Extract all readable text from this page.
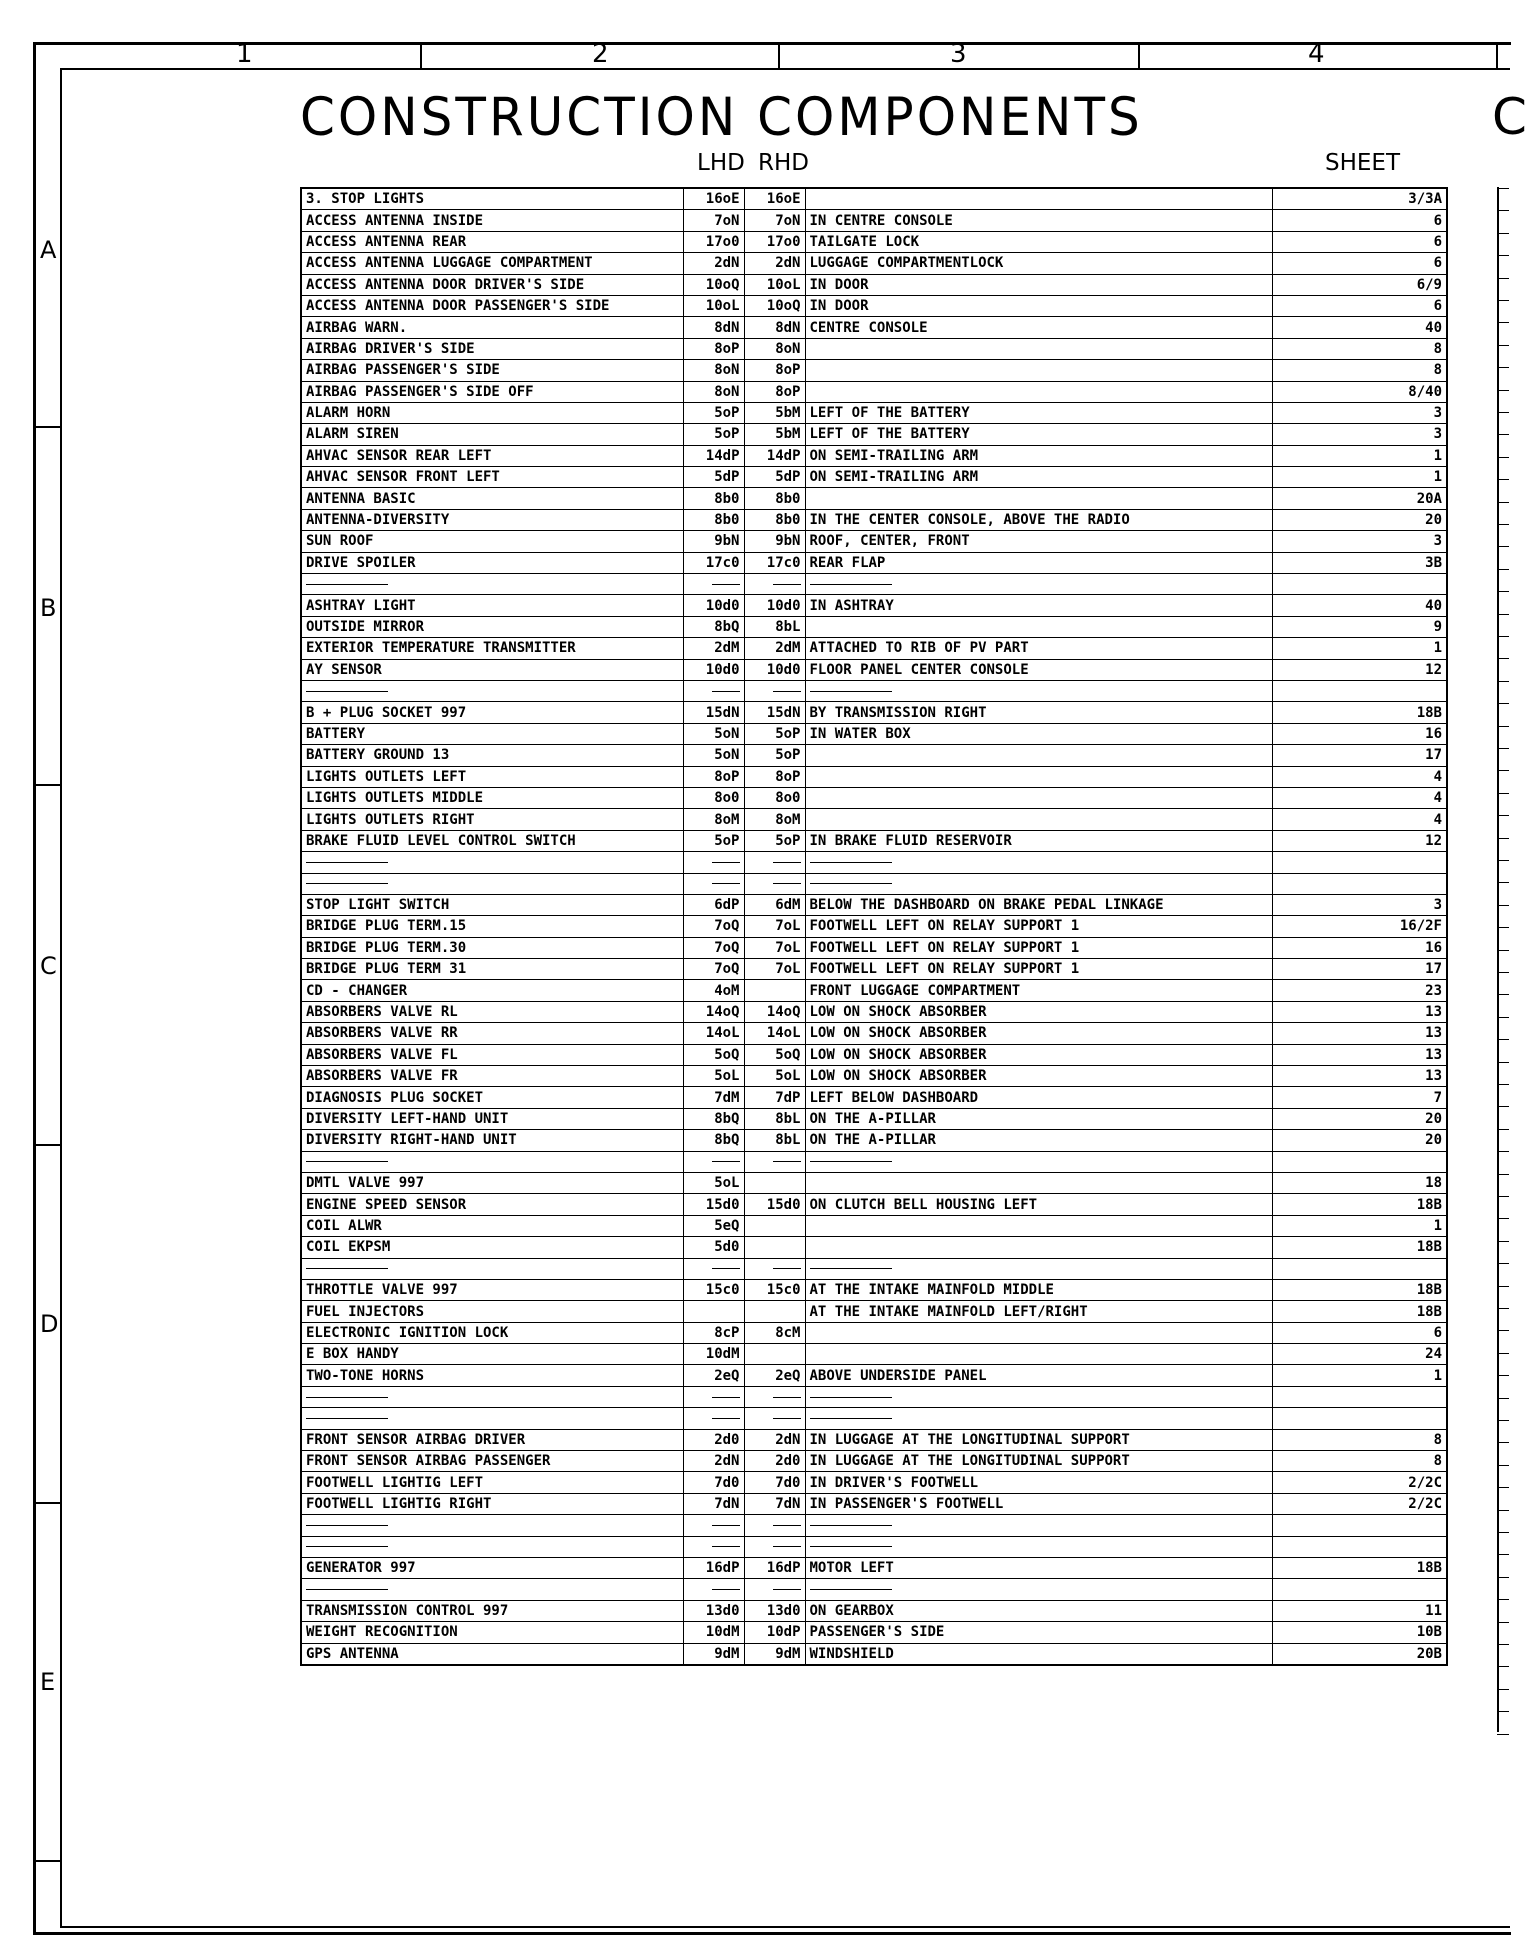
1	2	3	4
A
B
C
D
E
CONSTRUCTION COMPONENTS	C
LHD RHD	SHEET
3. STOP LIGHTS	16oE	16oE		3/3A
ACCESS ANTENNA INSIDE	7oN	7oN	IN CENTRE CONSOLE	6
ACCESS ANTENNA REAR	17o0	17o0	TAILGATE LOCK	6
ACCESS ANTENNA LUGGAGE COMPARTMENT	2dN	2dN	LUGGAGE COMPARTMENTLOCK	6
ACCESS ANTENNA DOOR DRIVER'S SIDE	10oQ	10oL	IN DOOR	6/9
ACCESS ANTENNA DOOR PASSENGER'S SIDE	10oL	10oQ	IN DOOR	6
AIRBAG WARN.	8dN	8dN	CENTRE CONSOLE	40
AIRBAG DRIVER'S SIDE	8oP	8oN		8
AIRBAG PASSENGER'S SIDE	8oN	8oP		8
AIRBAG PASSENGER'S SIDE OFF	8oN	8oP		8/40
ALARM HORN	5oP	5bM	LEFT OF THE BATTERY	3
ALARM SIREN	5oP	5bM	LEFT OF THE BATTERY	3
AHVAC SENSOR REAR LEFT	14dP	14dP	ON SEMI-TRAILING ARM	1
AHVAC SENSOR FRONT LEFT	5dP	5dP	ON SEMI-TRAILING ARM	1
ANTENNA BASIC	8b0	8b0		20A
ANTENNA-DIVERSITY	8b0	8b0	IN THE CENTER CONSOLE, ABOVE THE RADIO	20
SUN ROOF	9bN	9bN	ROOF, CENTER, FRONT	3
DRIVE SPOILER	17c0	17c0	REAR FLAP	3B

ASHTRAY LIGHT	10d0	10d0	IN ASHTRAY	40
OUTSIDE MIRROR	8bQ	8bL		9
EXTERIOR TEMPERATURE TRANSMITTER	2dM	2dM	ATTACHED TO RIB OF PV PART	1
AY SENSOR	10d0	10d0	FLOOR PANEL CENTER CONSOLE	12

B + PLUG SOCKET 997	15dN	15dN	BY TRANSMISSION RIGHT	18B
BATTERY	5oN	5oP	IN WATER BOX	16
BATTERY GROUND 13	5oN	5oP		17
LIGHTS OUTLETS LEFT	8oP	8oP		4
LIGHTS OUTLETS MIDDLE	8o0	8o0		4
LIGHTS OUTLETS RIGHT	8oM	8oM		4
BRAKE FLUID LEVEL CONTROL SWITCH	5oP	5oP	IN BRAKE FLUID RESERVOIR	12

STOP LIGHT SWITCH	6dP	6dM	BELOW THE DASHBOARD ON BRAKE PEDAL LINKAGE	3
BRIDGE PLUG TERM.15	7oQ	7oL	FOOTWELL LEFT ON RELAY SUPPORT 1	16/2F
BRIDGE PLUG TERM.30	7oQ	7oL	FOOTWELL LEFT ON RELAY SUPPORT 1	16
BRIDGE PLUG TERM 31	7oQ	7oL	FOOTWELL LEFT ON RELAY SUPPORT 1	17
CD - CHANGER	4oM		FRONT LUGGAGE COMPARTMENT	23
ABSORBERS VALVE RL	14oQ	14oQ	LOW ON SHOCK ABSORBER	13
ABSORBERS VALVE RR	14oL	14oL	LOW ON SHOCK ABSORBER	13
ABSORBERS VALVE FL	5oQ	5oQ	LOW ON SHOCK ABSORBER	13
ABSORBERS VALVE FR	5oL	5oL	LOW ON SHOCK ABSORBER	13
DIAGNOSIS PLUG SOCKET	7dM	7dP	LEFT BELOW DASHBOARD	7
DIVERSITY LEFT-HAND UNIT	8bQ	8bL	ON THE A-PILLAR	20
DIVERSITY RIGHT-HAND UNIT	8bQ	8bL	ON THE A-PILLAR	20

DMTL VALVE 997	5oL			18
ENGINE SPEED SENSOR	15d0	15d0	ON CLUTCH BELL HOUSING LEFT	18B
COIL ALWR	5eQ			1
COIL EKPSM	5d0			18B

THROTTLE VALVE 997	15c0	15c0	AT THE INTAKE MAINFOLD MIDDLE	18B
FUEL INJECTORS			AT THE INTAKE MAINFOLD LEFT/RIGHT	18B
ELECTRONIC IGNITION LOCK	8cP	8cM		6
E BOX HANDY	10dM			24
TWO-TONE HORNS	2eQ	2eQ	ABOVE UNDERSIDE PANEL	1

FRONT SENSOR AIRBAG DRIVER	2d0	2dN	IN LUGGAGE AT THE LONGITUDINAL SUPPORT	8
FRONT SENSOR AIRBAG PASSENGER	2dN	2d0	IN LUGGAGE AT THE LONGITUDINAL SUPPORT	8
FOOTWELL LIGHTIG LEFT	7d0	7d0	IN DRIVER'S FOOTWELL	2/2C
FOOTWELL LIGHTIG RIGHT	7dN	7dN	IN PASSENGER'S FOOTWELL	2/2C

GENERATOR 997	16dP	16dP	MOTOR LEFT	18B

TRANSMISSION CONTROL 997	13d0	13d0	ON GEARBOX	11
WEIGHT RECOGNITION	10dM	10dP	PASSENGER'S SIDE	10B
GPS ANTENNA	9dM	9dM	WINDSHIELD	20B
